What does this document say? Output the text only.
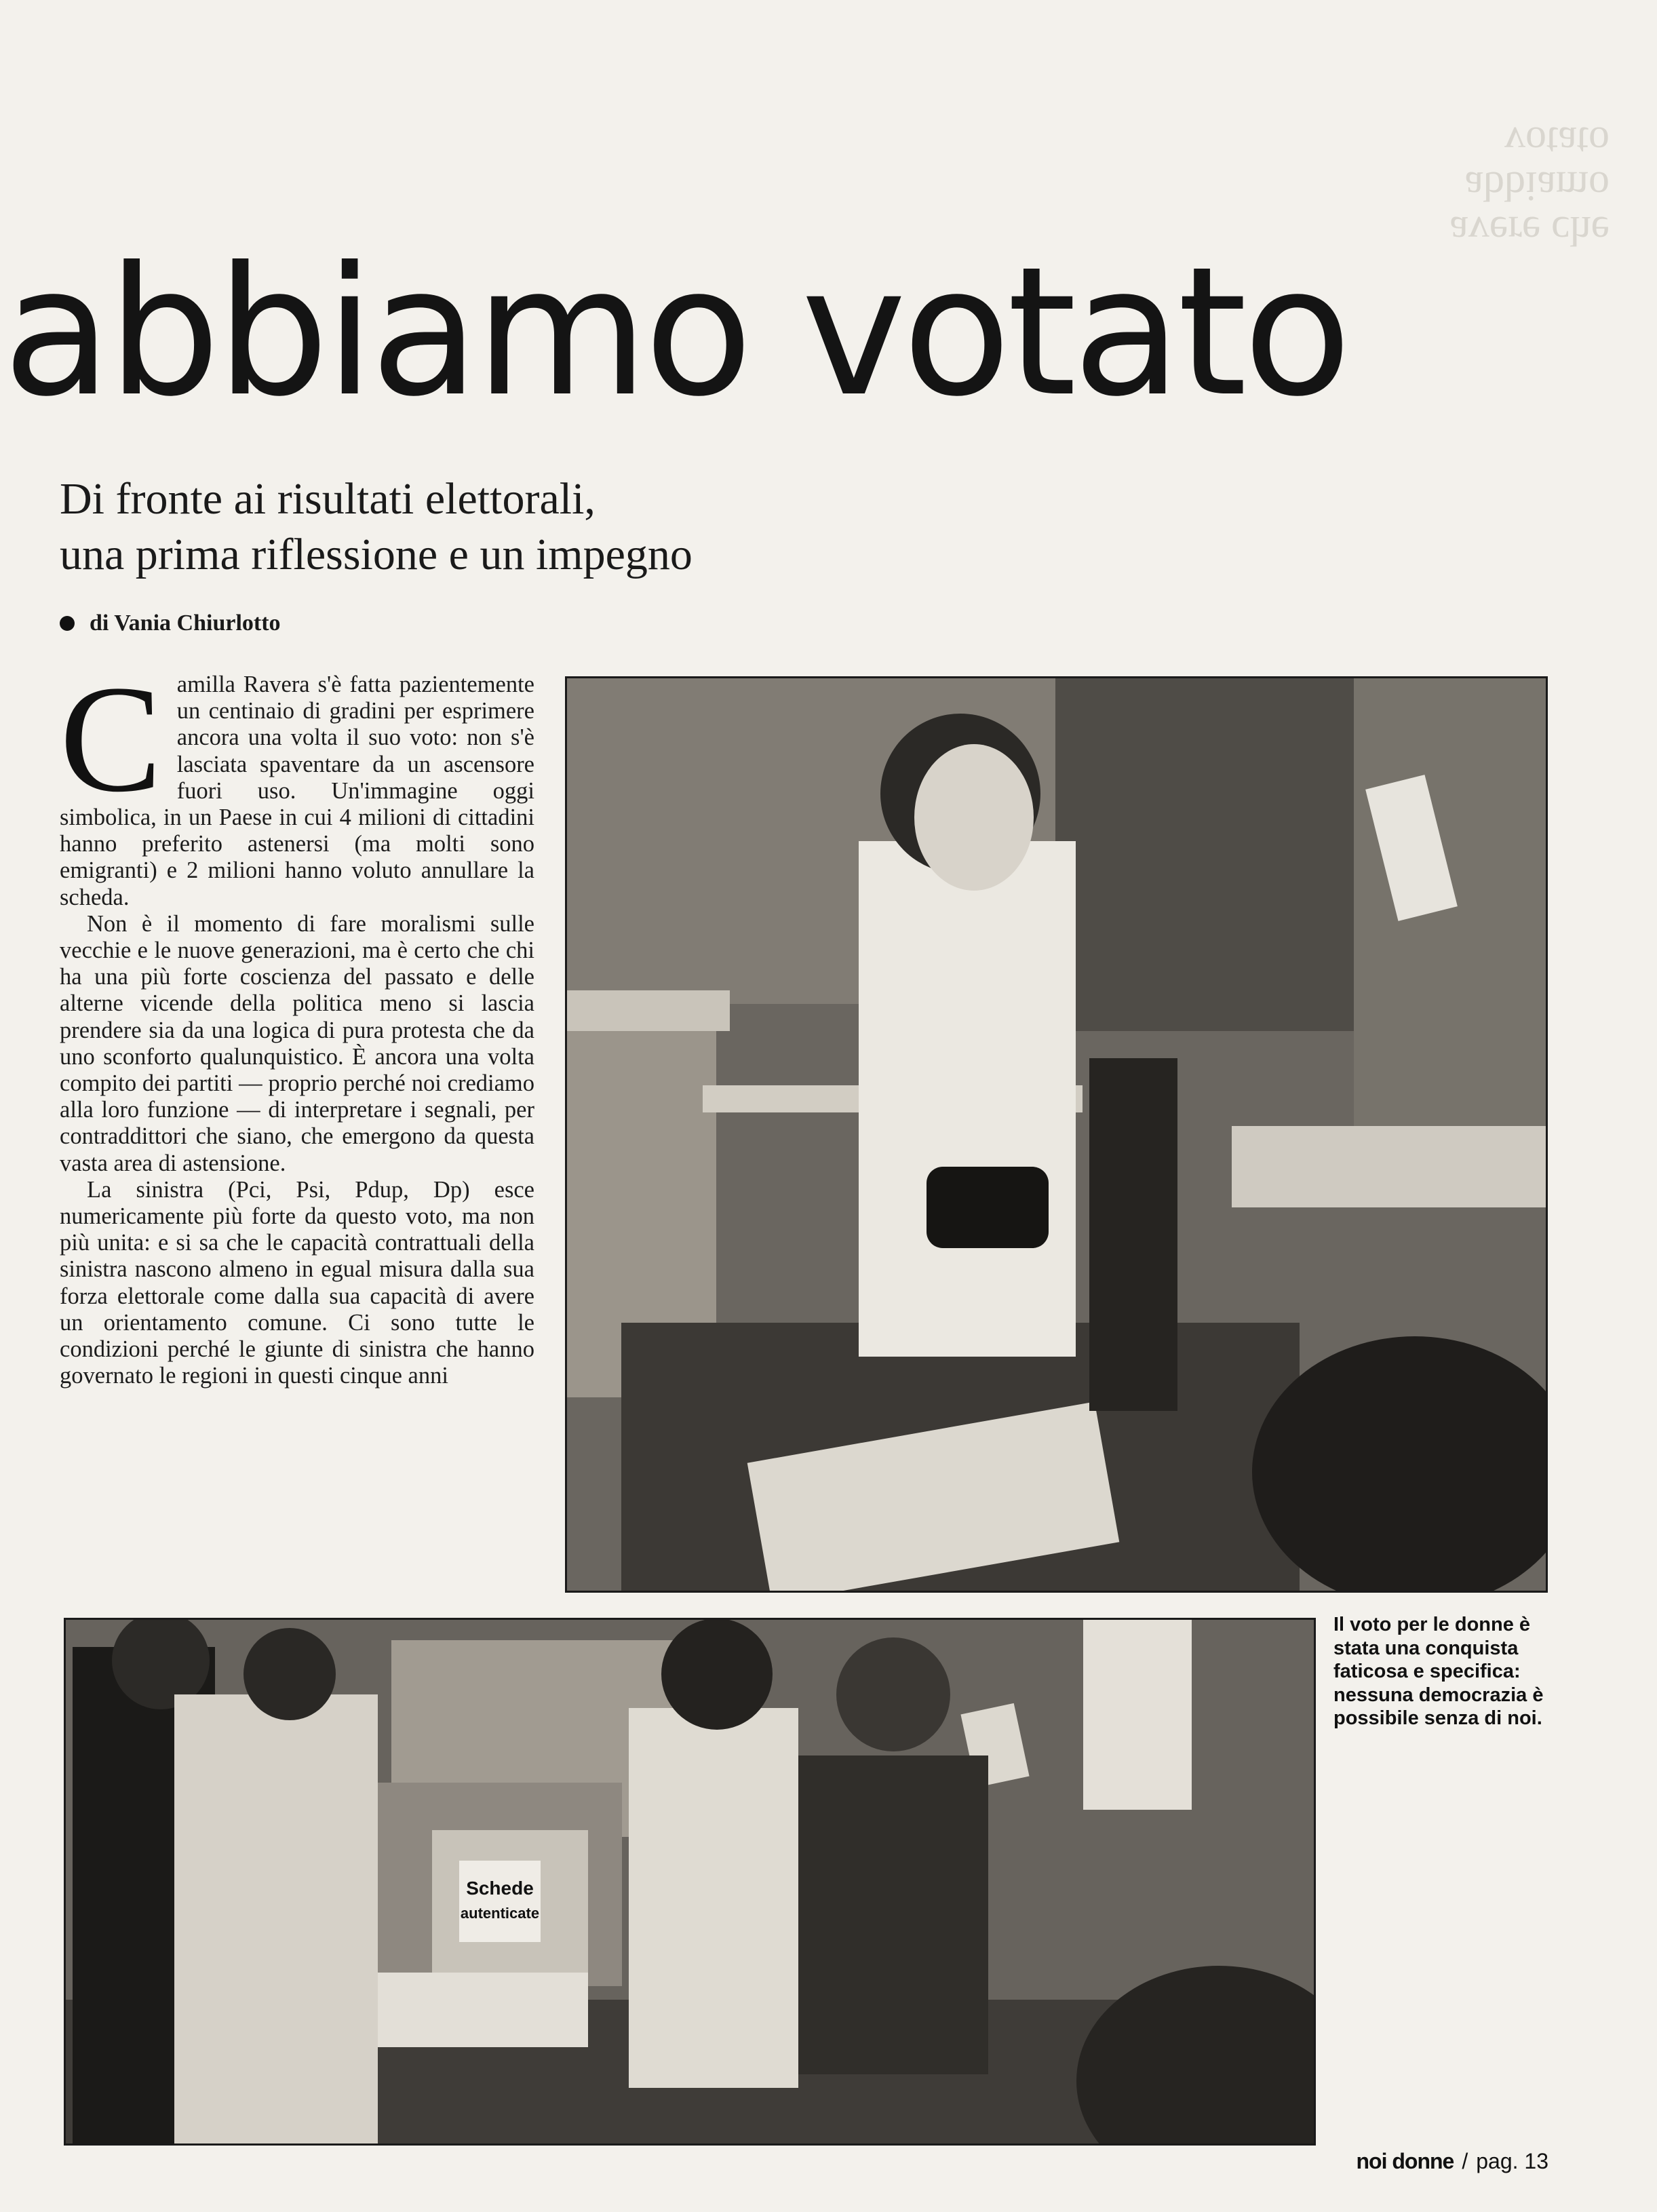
avere che
abbiamo votato
abbiamo votato
Di fronte ai risultati elettorali,
una prima riflessione e un impegno
di Vania Chiurlotto

Camilla Ravera s'è fatta pazientemente un centinaio di gradini per esprimere ancora una volta il suo voto: non s'è lasciata spaventare da un ascensore fuori uso. Un'immagine oggi simbolica, in un Paese in cui 4 milioni di cittadini hanno preferito astenersi (ma molti sono emigranti) e 2 milioni hanno voluto annullare la scheda.

Non è il momento di fare moralismi sulle vecchie e le nuove generazioni, ma è certo che chi ha una più forte coscienza del passato e delle alterne vicende della politica meno si lascia prendere sia da una logica di pura protesta che da uno sconforto qualunquistico. È ancora una volta compito dei partiti — proprio perché noi crediamo alla loro funzione — di interpretare i segnali, per contraddittori che siano, che emergono da questa vasta area di astensione.

La sinistra (Pci, Psi, Pdup, Dp) esce numericamente più forte da questo voto, ma non più unita: e si sa che le capacità contrattuali della sinistra nascono almeno in egual misura dalla sua forza elettorale come dalla sua capacità di avere un orientamento comune. Ci sono tutte le condizioni perché le giunte di sinistra che hanno governato le regioni in questi cinque anni

Schede
autenticate
Il voto per le donne è stata una conquista faticosa e specifica: nessuna democrazia è possibile senza di noi.
noi donne / pag. 13
